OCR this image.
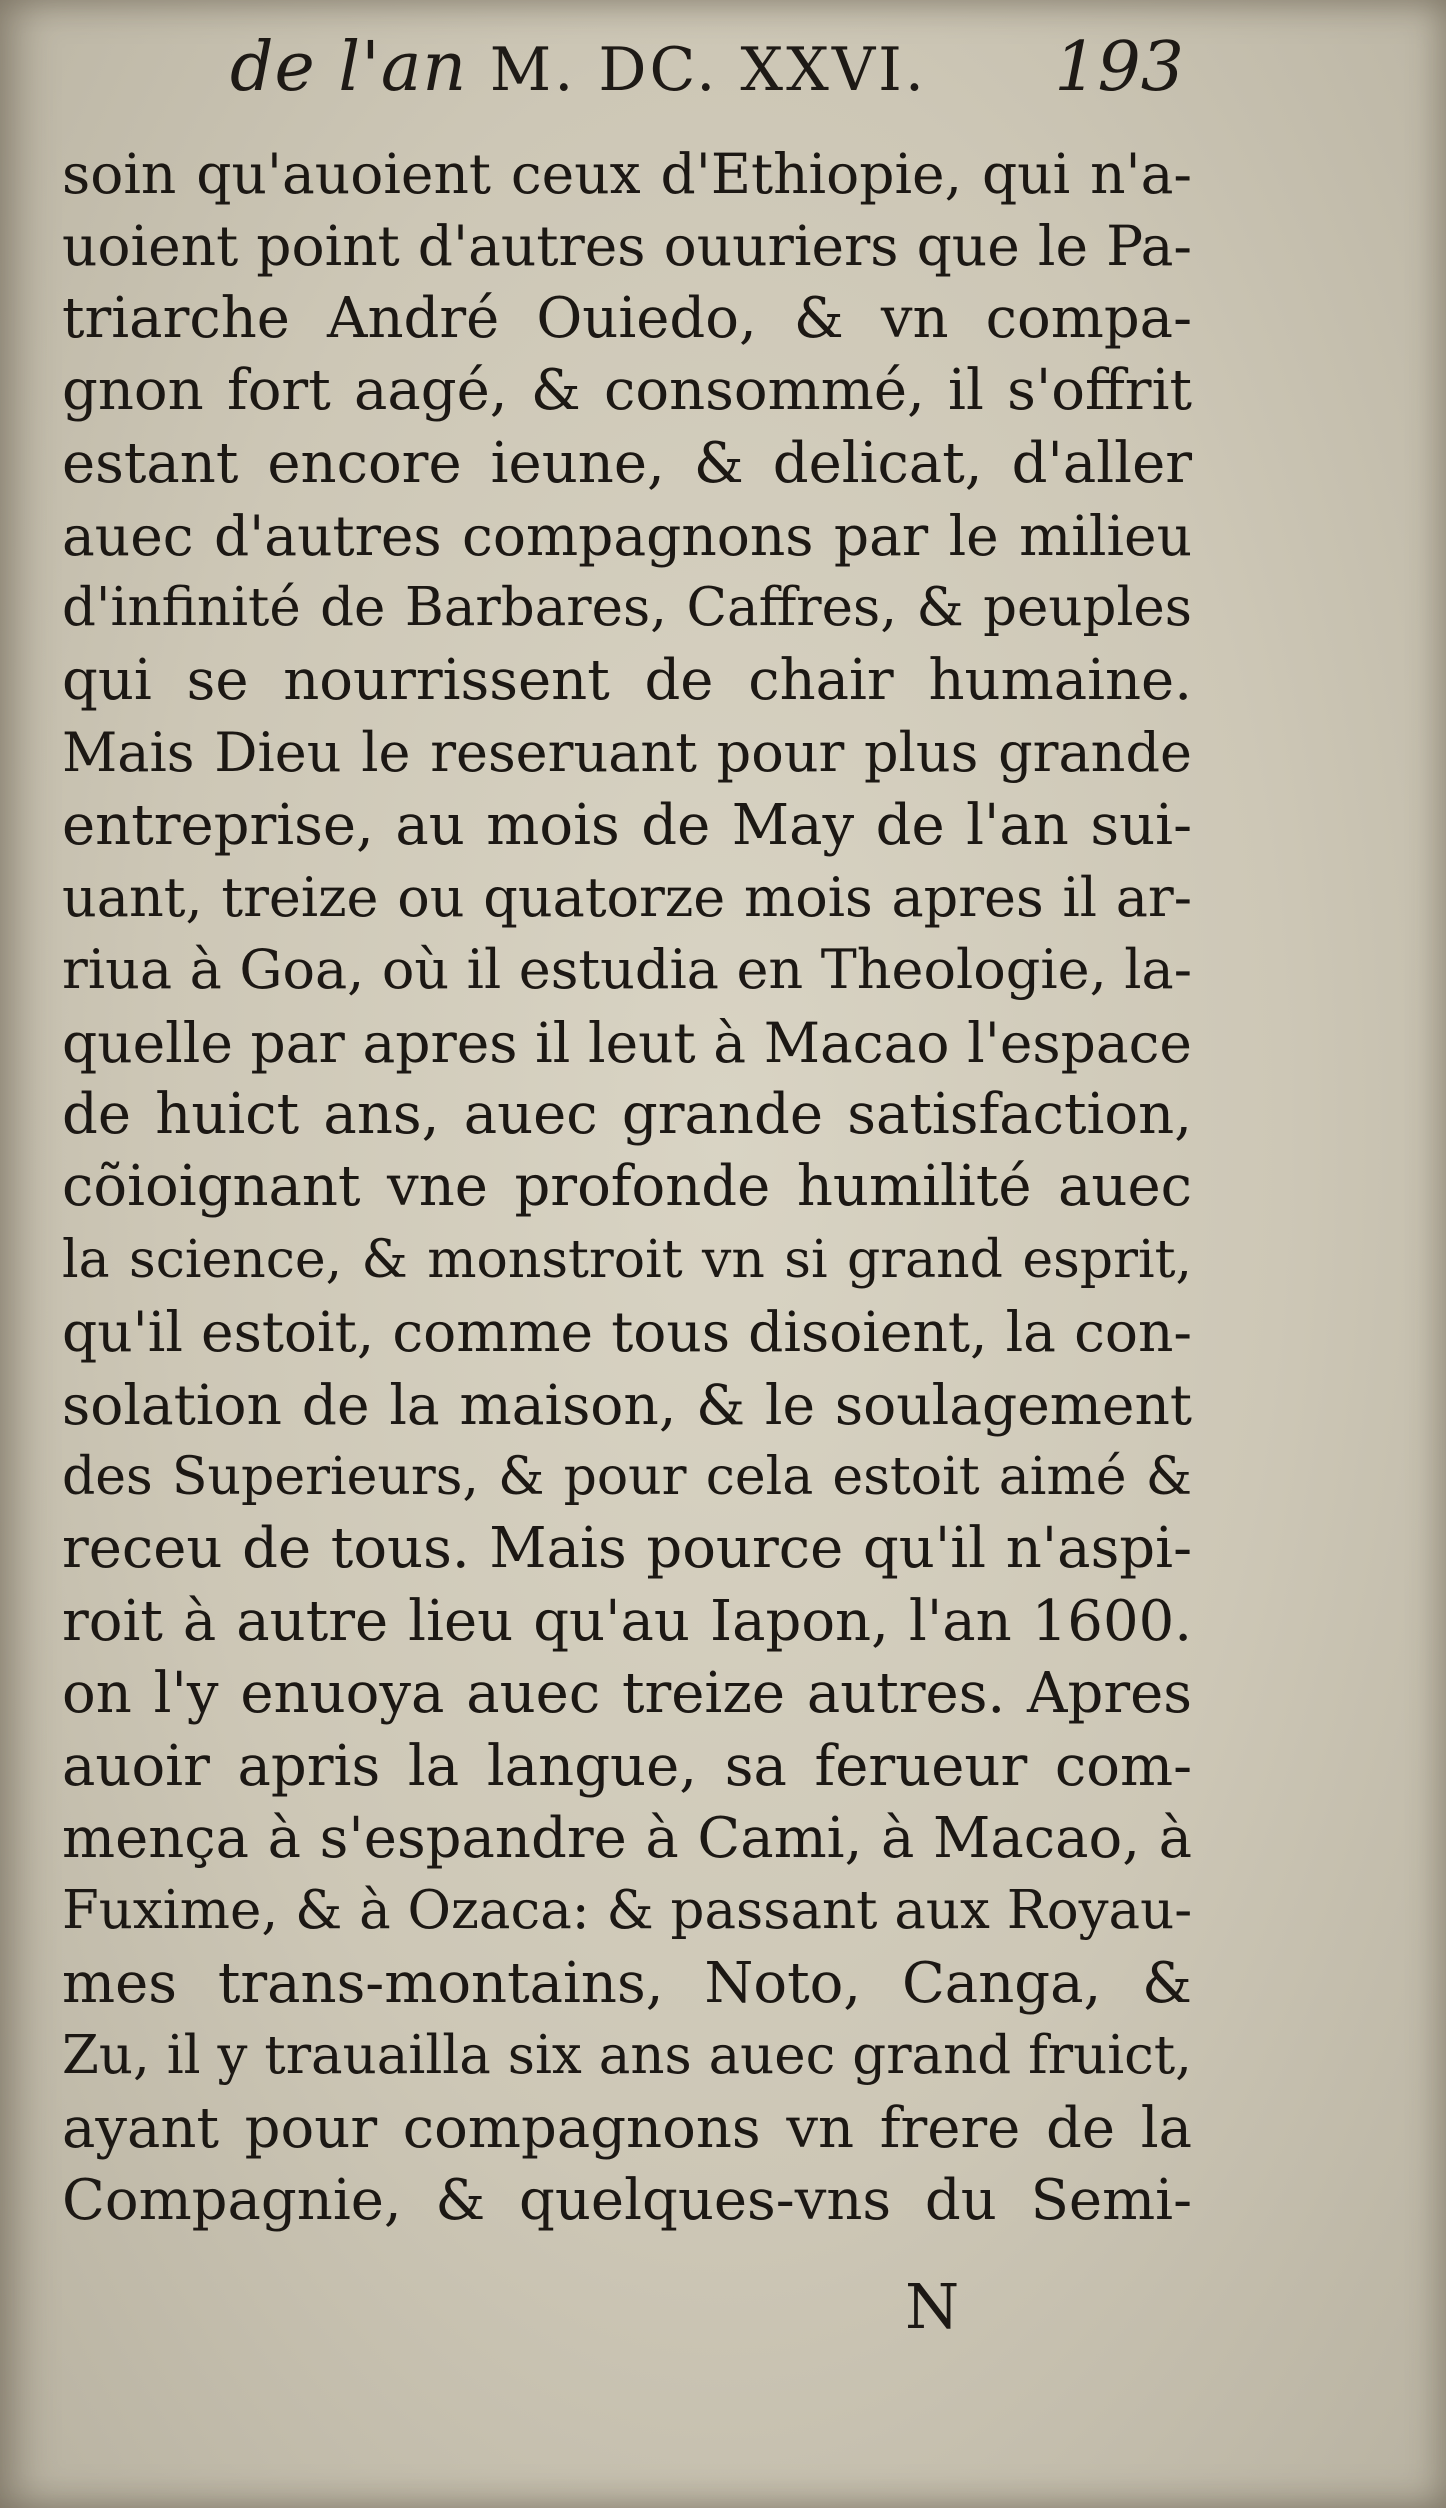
de l'an M. DC. XXVI. 193
soin qu'auoient ceux d'Ethiopie, qui n'a-
uoient point d'autres ouuriers que le Pa-
triarche André Ouiedo, & vn compa-
gnon fort aagé, & consommé, il s'offrit
estant encore ieune, & delicat, d'aller
auec d'autres compagnons par le milieu
d'infinité de Barbares, Caffres, & peuples
qui se nourrissent de chair humaine.
Mais Dieu le reseruant pour plus grande
entreprise, au mois de May de l'an sui-
uant, treize ou quatorze mois apres il ar-
riua à Goa, où il estudia en Theologie, la-
quelle par apres il leut à Macao l'espace
de huict ans, auec grande satisfaction,
cõioignant vne profonde humilité auec
la science, & monstroit vn si grand esprit,
qu'il estoit, comme tous disoient, la con-
solation de la maison, & le soulagement
des Superieurs, & pour cela estoit aimé &
receu de tous. Mais pource qu'il n'aspi-
roit à autre lieu qu'au Iapon, l'an 1600.
on l'y enuoya auec treize autres. Apres
auoir apris la langue, sa ferueur com-
mença à s'espandre à Cami, à Macao, à
Fuxime, & à Ozaca: & passant aux Royau-
mes trans-montains, Noto, Canga, &
Zu, il y trauailla six ans auec grand fruict,
ayant pour compagnons vn frere de la
Compagnie, & quelques-vns du Semi-
N
